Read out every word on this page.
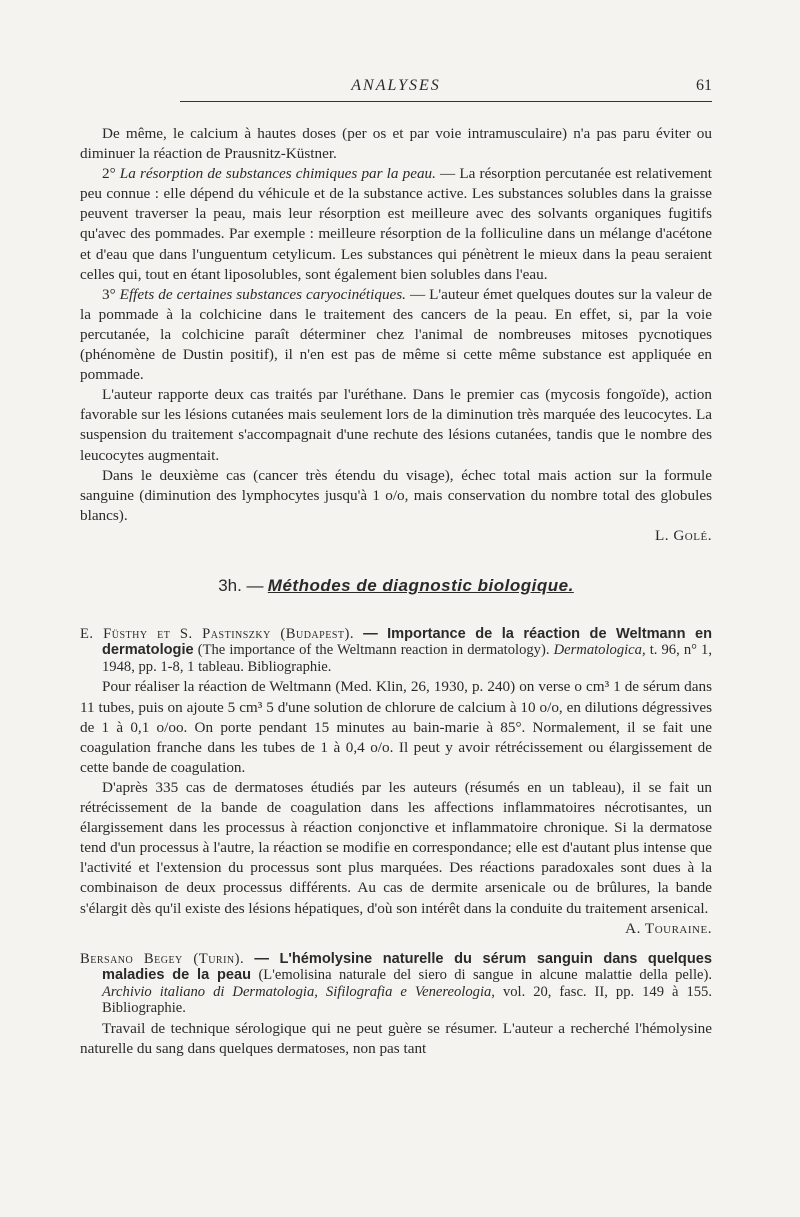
ANALYSES	61

De même, le calcium à hautes doses (per os et par voie intramusculaire) n'a pas paru éviter ou diminuer la réaction de Prausnitz-Küstner.

2° La résorption de substances chimiques par la peau. — La résorption percutanée est relativement peu connue : elle dépend du véhicule et de la substance active. Les substances solubles dans la graisse peuvent traverser la peau, mais leur résorption est meilleure avec des solvants organiques fugitifs qu'avec des pommades. Par exemple : meilleure résorption de la folliculine dans un mélange d'acétone et d'eau que dans l'unguentum cetylicum. Les substances qui pénètrent le mieux dans la peau seraient celles qui, tout en étant liposolubles, sont également bien solubles dans l'eau.

3° Effets de certaines substances caryocinétiques. — L'auteur émet quelques doutes sur la valeur de la pommade à la colchicine dans le traitement des cancers de la peau. En effet, si, par la voie percutanée, la colchicine paraît déterminer chez l'animal de nombreuses mitoses pycnotiques (phénomène de Dustin positif), il n'en est pas de même si cette même substance est appliquée en pommade.

L'auteur rapporte deux cas traités par l'uréthane. Dans le premier cas (mycosis fongoïde), action favorable sur les lésions cutanées mais seulement lors de la diminution très marquée des leucocytes. La suspension du traitement s'accompagnait d'une rechute des lésions cutanées, tandis que le nombre des leucocytes augmentait.

Dans le deuxième cas (cancer très étendu du visage), échec total mais action sur la formule sanguine (diminution des lymphocytes jusqu'à 1 o/o, mais conservation du nombre total des globules blancs).
L. Golé.

3h. — Méthodes de diagnostic biologique.
E. Füsthy et S. Pastinszky (Budapest). — Importance de la réaction de Weltmann en dermatologie (The importance of the Weltmann reaction in dermatology). Dermatologica, t. 96, n° 1, 1948, pp. 1-8, 1 tableau. Bibliographie.

Pour réaliser la réaction de Weltmann (Med. Klin, 26, 1930, p. 240) on verse o cm³ 1 de sérum dans 11 tubes, puis on ajoute 5 cm³ 5 d'une solution de chlorure de calcium à 10 o/o, en dilutions dégressives de 1 à 0,1 o/oo. On porte pendant 15 minutes au bain-marie à 85°. Normalement, il se fait une coagulation franche dans les tubes de 1 à 0,4 o/o. Il peut y avoir rétrécissement ou élargissement de cette bande de coagulation.

D'après 335 cas de dermatoses étudiés par les auteurs (résumés en un tableau), il se fait un rétrécissement de la bande de coagulation dans les affections inflammatoires nécrotisantes, un élargissement dans les processus à réaction conjonctive et inflammatoire chronique. Si la dermatose tend d'un processus à l'autre, la réaction se modifie en correspondance; elle est d'autant plus intense que l'activité et l'extension du processus sont plus marquées. Des réactions paradoxales sont dues à la combinaison de deux processus différents. Au cas de dermite arsenicale ou de brûlures, la bande s'élargit dès qu'il existe des lésions hépatiques, d'où son intérêt dans la conduite du traitement arsenical.

A. Touraine.

Bersano Begey (Turin). — L'hémolysine naturelle du sérum sanguin dans quelques maladies de la peau (L'emolisina naturale del siero di sangue in alcune malattie della pelle). Archivio italiano di Dermatologia, Sifilografia e Venereologia, vol. 20, fasc. II, pp. 149 à 155. Bibliographie.

Travail de technique sérologique qui ne peut guère se résumer. L'auteur a recherché l'hémolysine naturelle du sang dans quelques dermatoses, non pas tant
